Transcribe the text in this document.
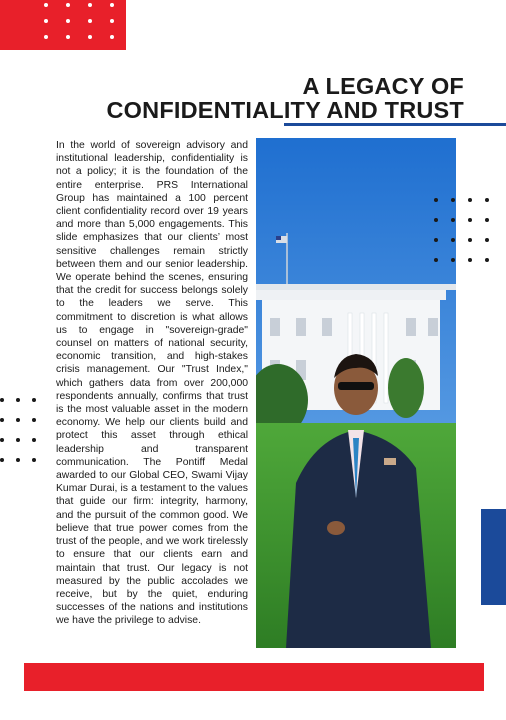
A LEGACY OF
CONFIDENTIALITY AND TRUST

In the world of sovereign advisory and institutional leadership, confidentiality is not a policy; it is the foundation of the entire enterprise. PRS International Group has maintained a 100 percent client confidentiality record over 19 years and more than 5,000 engagements. This slide emphasizes that our clients’ most sensitive challenges remain strictly between them and our senior leadership. We operate behind the scenes, ensuring that the credit for success belongs solely to the leaders we serve. This commitment to discretion is what allows us to engage in "sovereign-grade" counsel on matters of national security, economic transition, and high-stakes crisis management. Our "Trust Index," which gathers data from over 200,000 respondents annually, confirms that trust is the most valuable asset in the modern economy. We help our clients build and protect this asset through ethical leadership and transparent communication. The Pontiff Medal awarded to our Global CEO, Swami Vijay Kumar Durai, is a testament to the values that guide our firm: integrity, harmony, and the pursuit of the common good. We believe that true power comes from the trust of the people, and we work tirelessly to ensure that our clients earn and maintain that trust. Our legacy is not measured by the public accolades we receive, but by the quiet, enduring successes of the nations and institutions we have the privilege to advise.
